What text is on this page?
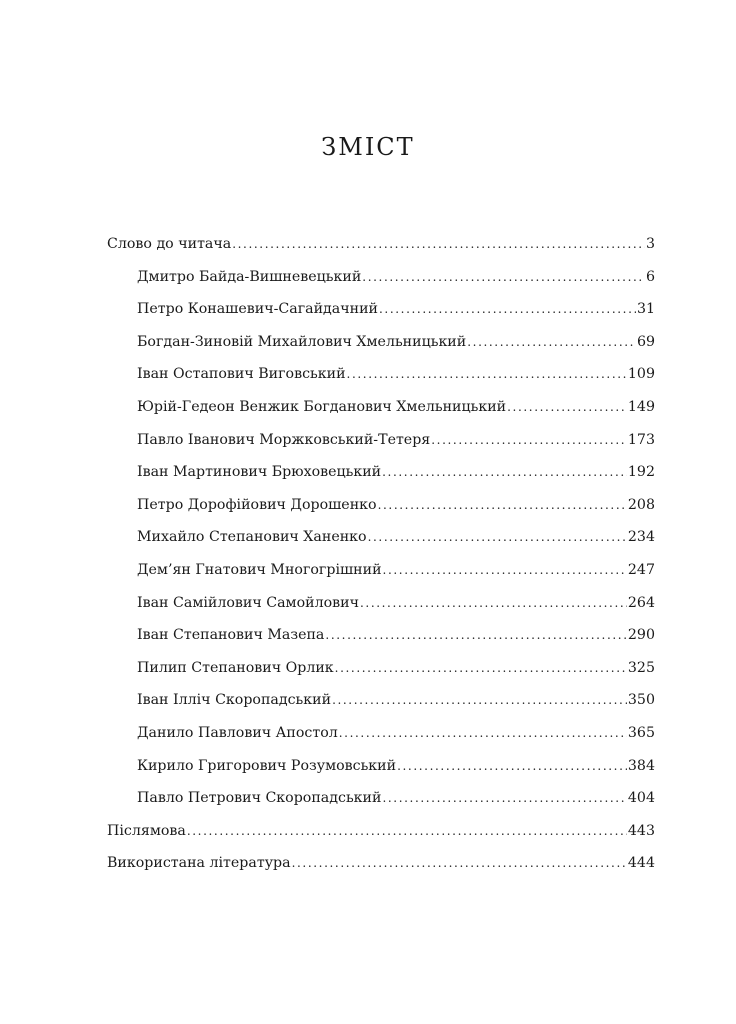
ЗМІСТ
Слово до читача .....	3
Дмитро Байда-Вишневецький .....	6
Петро Конашевич-Сагайдачний .....	31
Богдан-Зиновій Михайлович Хмельницький .....	69
Іван Остапович Виговський .....	109
Юрій-Гедеон Венжик Богданович Хмельницький .....	149
Павло Іванович Моржковський-Тетеря .....	173
Іван Мартинович Брюховецький .....	192
Петро Дорофійович Дорошенко .....	208
Михайло Степанович Ханенко .....	234
Дем’ян Гнатович Многогрішний .....	247
Іван Самійлович Самойлович .....	264
Іван Степанович Мазепа .....	290
Пилип Степанович Орлик .....	325
Іван Ілліч Скоропадський .....	350
Данило Павлович Апостол .....	365
Кирило Григорович Розумовський .....	384
Павло Петрович Скоропадський .....	404
Післямова .....	443
Використана література .....	444
